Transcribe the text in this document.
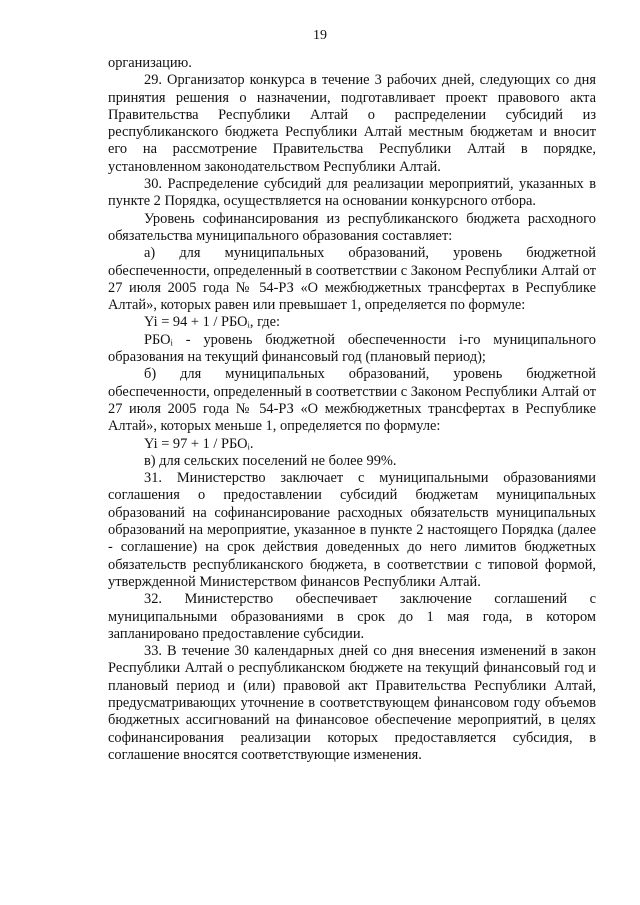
19

организацию.

29. Организатор конкурса в течение 3 рабочих дней, следующих со дня принятия решения о назначении, подготавливает проект правового акта Правительства Республики Алтай о распределении субсидий из республиканского бюджета Республики Алтай местным бюджетам и вносит его на рассмотрение Правительства Республики Алтай в порядке, установленном законодательством Республики Алтай.

30. Распределение субсидий для реализации мероприятий, указанных в пункте 2 Порядка, осуществляется на основании конкурсного отбора.

Уровень софинансирования из республиканского бюджета расходного обязательства муниципального образования составляет:

а) для муниципальных образований, уровень бюджетной обеспеченности, определенный в соответствии с Законом Республики Алтай от 27 июля 2005 года № 54-РЗ «О межбюджетных трансфертах в Республике Алтай», которых равен или превышает 1, определяется по формуле:

Yi = 94 + 1 / РБОᵢ, где:

РБОᵢ - уровень бюджетной обеспеченности i-го муниципального образования на текущий финансовый год (плановый период);

б) для муниципальных образований, уровень бюджетной обеспеченности, определенный в соответствии с Законом Республики Алтай от 27 июля 2005 года № 54-РЗ «О межбюджетных трансфертах в Республике Алтай», которых меньше 1, определяется по формуле:

Yi = 97 + 1 / РБОᵢ.

в) для сельских поселений не более 99%.

31. Министерство заключает с муниципальными образованиями соглашения о предоставлении субсидий бюджетам муниципальных образований на софинансирование расходных обязательств муниципальных образований на мероприятие, указанное в пункте 2 настоящего Порядка (далее - соглашение) на срок действия доведенных до него лимитов бюджетных обязательств республиканского бюджета, в соответствии с типовой формой, утвержденной Министерством финансов Республики Алтай.

32. Министерство обеспечивает заключение соглашений с муниципальными образованиями в срок до 1 мая года, в котором запланировано предоставление субсидии.

33. В течение 30 календарных дней со дня внесения изменений в закон Республики Алтай о республиканском бюджете на текущий финансовый год и плановый период и (или) правовой акт Правительства Республики Алтай, предусматривающих уточнение в соответствующем финансовом году объемов бюджетных ассигнований на финансовое обеспечение мероприятий, в целях софинансирования реализации которых предоставляется субсидия, в соглашение вносятся соответствующие изменения.
